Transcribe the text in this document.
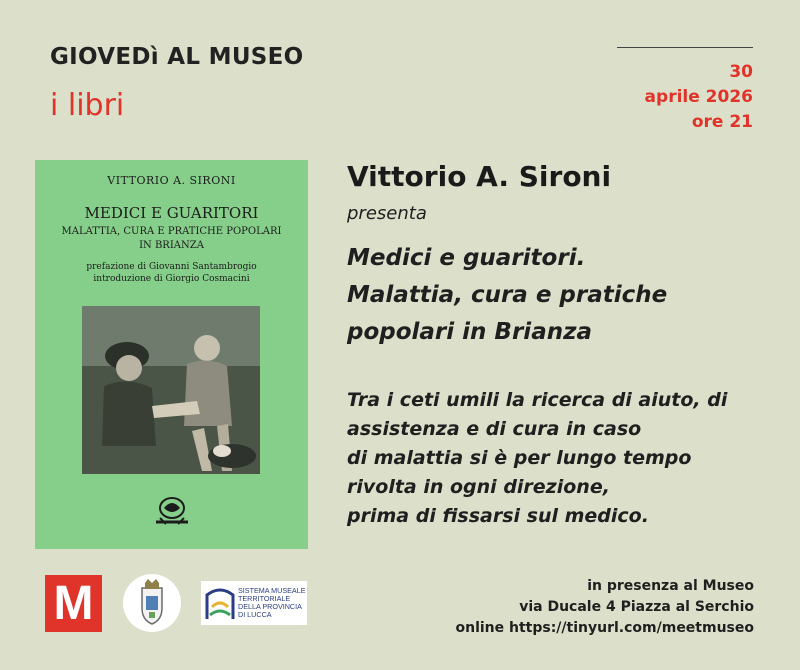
GIOVEDì AL MUSEO
i libri
30
aprile 2026
ore 21
VITTORIO A. SIRONI
MEDICI E GUARITORI
MALATTIA, CURA E PRATICHE POPOLARI
IN BRIANZA
prefazione di Giovanni Santambrogio
introduzione di Giorgio Cosmacini
Vittorio A. Sironi
presenta
Medici e guaritori.
Malattia, cura e pratiche
popolari in Brianza
Tra i ceti umili la ricerca di aiuto, di
assistenza e di cura in caso
di malattia si è per lungo tempo
rivolta in ogni direzione,
prima di fissarsi sul medico.
M	SISTEMA MUSEALE
TERRITORIALE
DELLA PROVINCIA
DI LUCCA
in presenza al Museo
via Ducale 4 Piazza al Serchio
online https://tinyurl.com/meetmuseo
